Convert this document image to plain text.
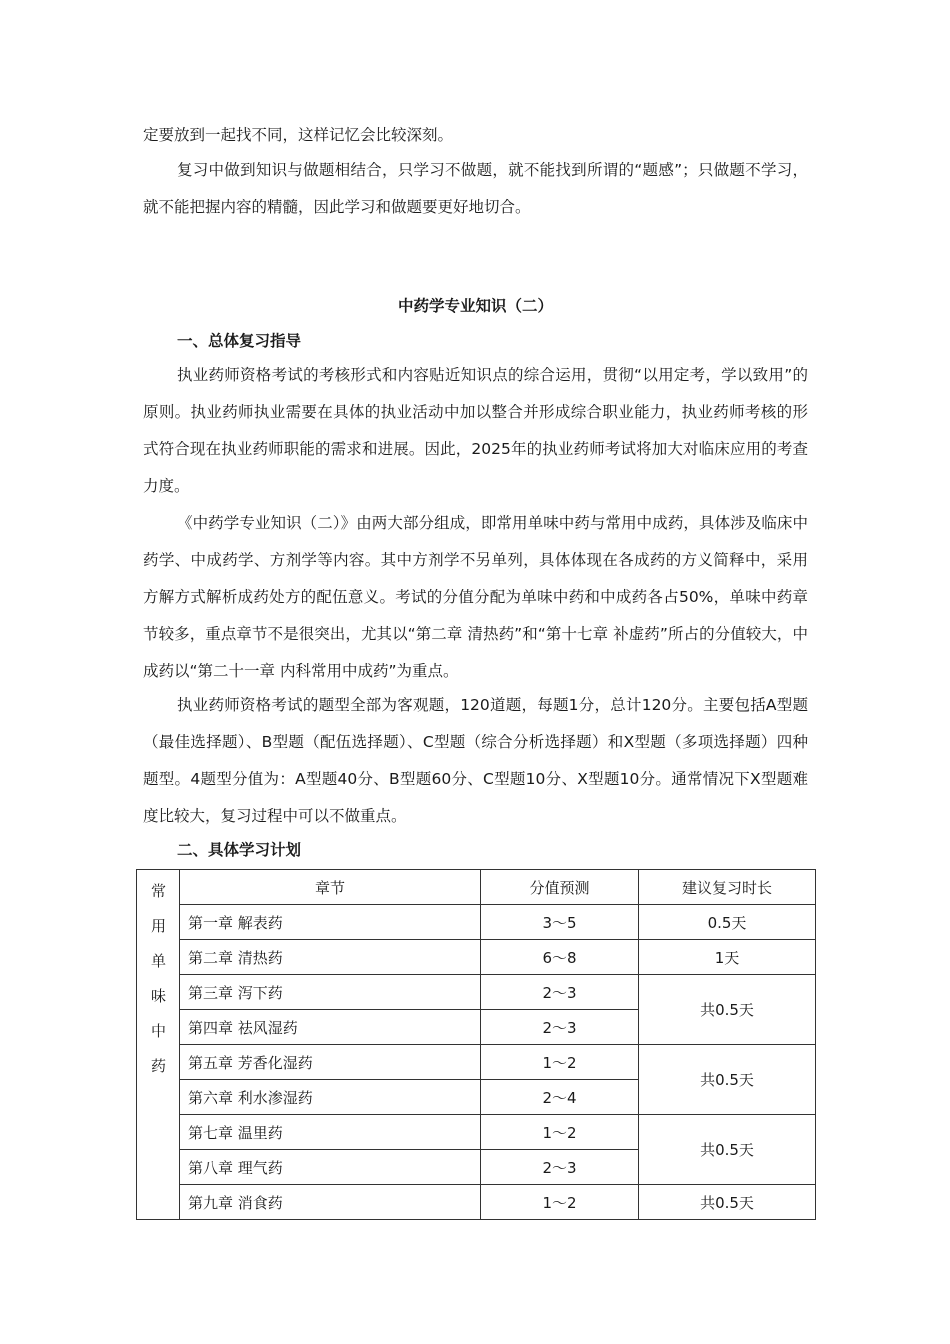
定要放到一起找不同，这样记忆会比较深刻。

复习中做到知识与做题相结合，只学习不做题，就不能找到所谓的“题感”；只做题不学习，就不能把握内容的精髓，因此学习和做题要更好地切合。

中药学专业知识（二）

一、总体复习指导

执业药师资格考试的考核形式和内容贴近知识点的综合运用，贯彻“以用定考，学以致用”的原则。执业药师执业需要在具体的执业活动中加以整合并形成综合职业能力，执业药师考核的形式符合现在执业药师职能的需求和进展。因此，2025年的执业药师考试将加大对临床应用的考查力度。

《中药学专业知识（二）》由两大部分组成，即常用单味中药与常用中成药，具体涉及临床中药学、中成药学、方剂学等内容。其中方剂学不另单列，具体体现在各成药的方义简释中，采用方解方式解析成药处方的配伍意义。考试的分值分配为单味中药和中成药各占50%，单味中药章节较多，重点章节不是很突出，尤其以“第二章 清热药”和“第十七章 补虚药”所占的分值较大，中成药以“第二十一章 内科常用中成药”为重点。

执业药师资格考试的题型全部为客观题，120道题，每题1分，总计120分。主要包括A型题（最佳选择题）、B型题（配伍选择题）、C型题（综合分析选择题）和X型题（多项选择题）四种题型。4题型分值为：A型题40分、B型题60分、C型题10分、X型题10分。通常情况下X型题难度比较大，复习过程中可以不做重点。

二、具体学习计划

常用单味中药	章节	分值预测	建议复习时长
	第一章 解表药	3～5	0.5天
	第二章 清热药	6～8	1天
	第三章 泻下药	2～3	共0.5天
	第四章 祛风湿药	2～3	
	第五章 芳香化湿药	1～2	共0.5天
	第六章 利水渗湿药	2～4	
	第七章 温里药	1～2	共0.5天
	第八章 理气药	2～3	
	第九章 消食药	1～2	共0.5天
